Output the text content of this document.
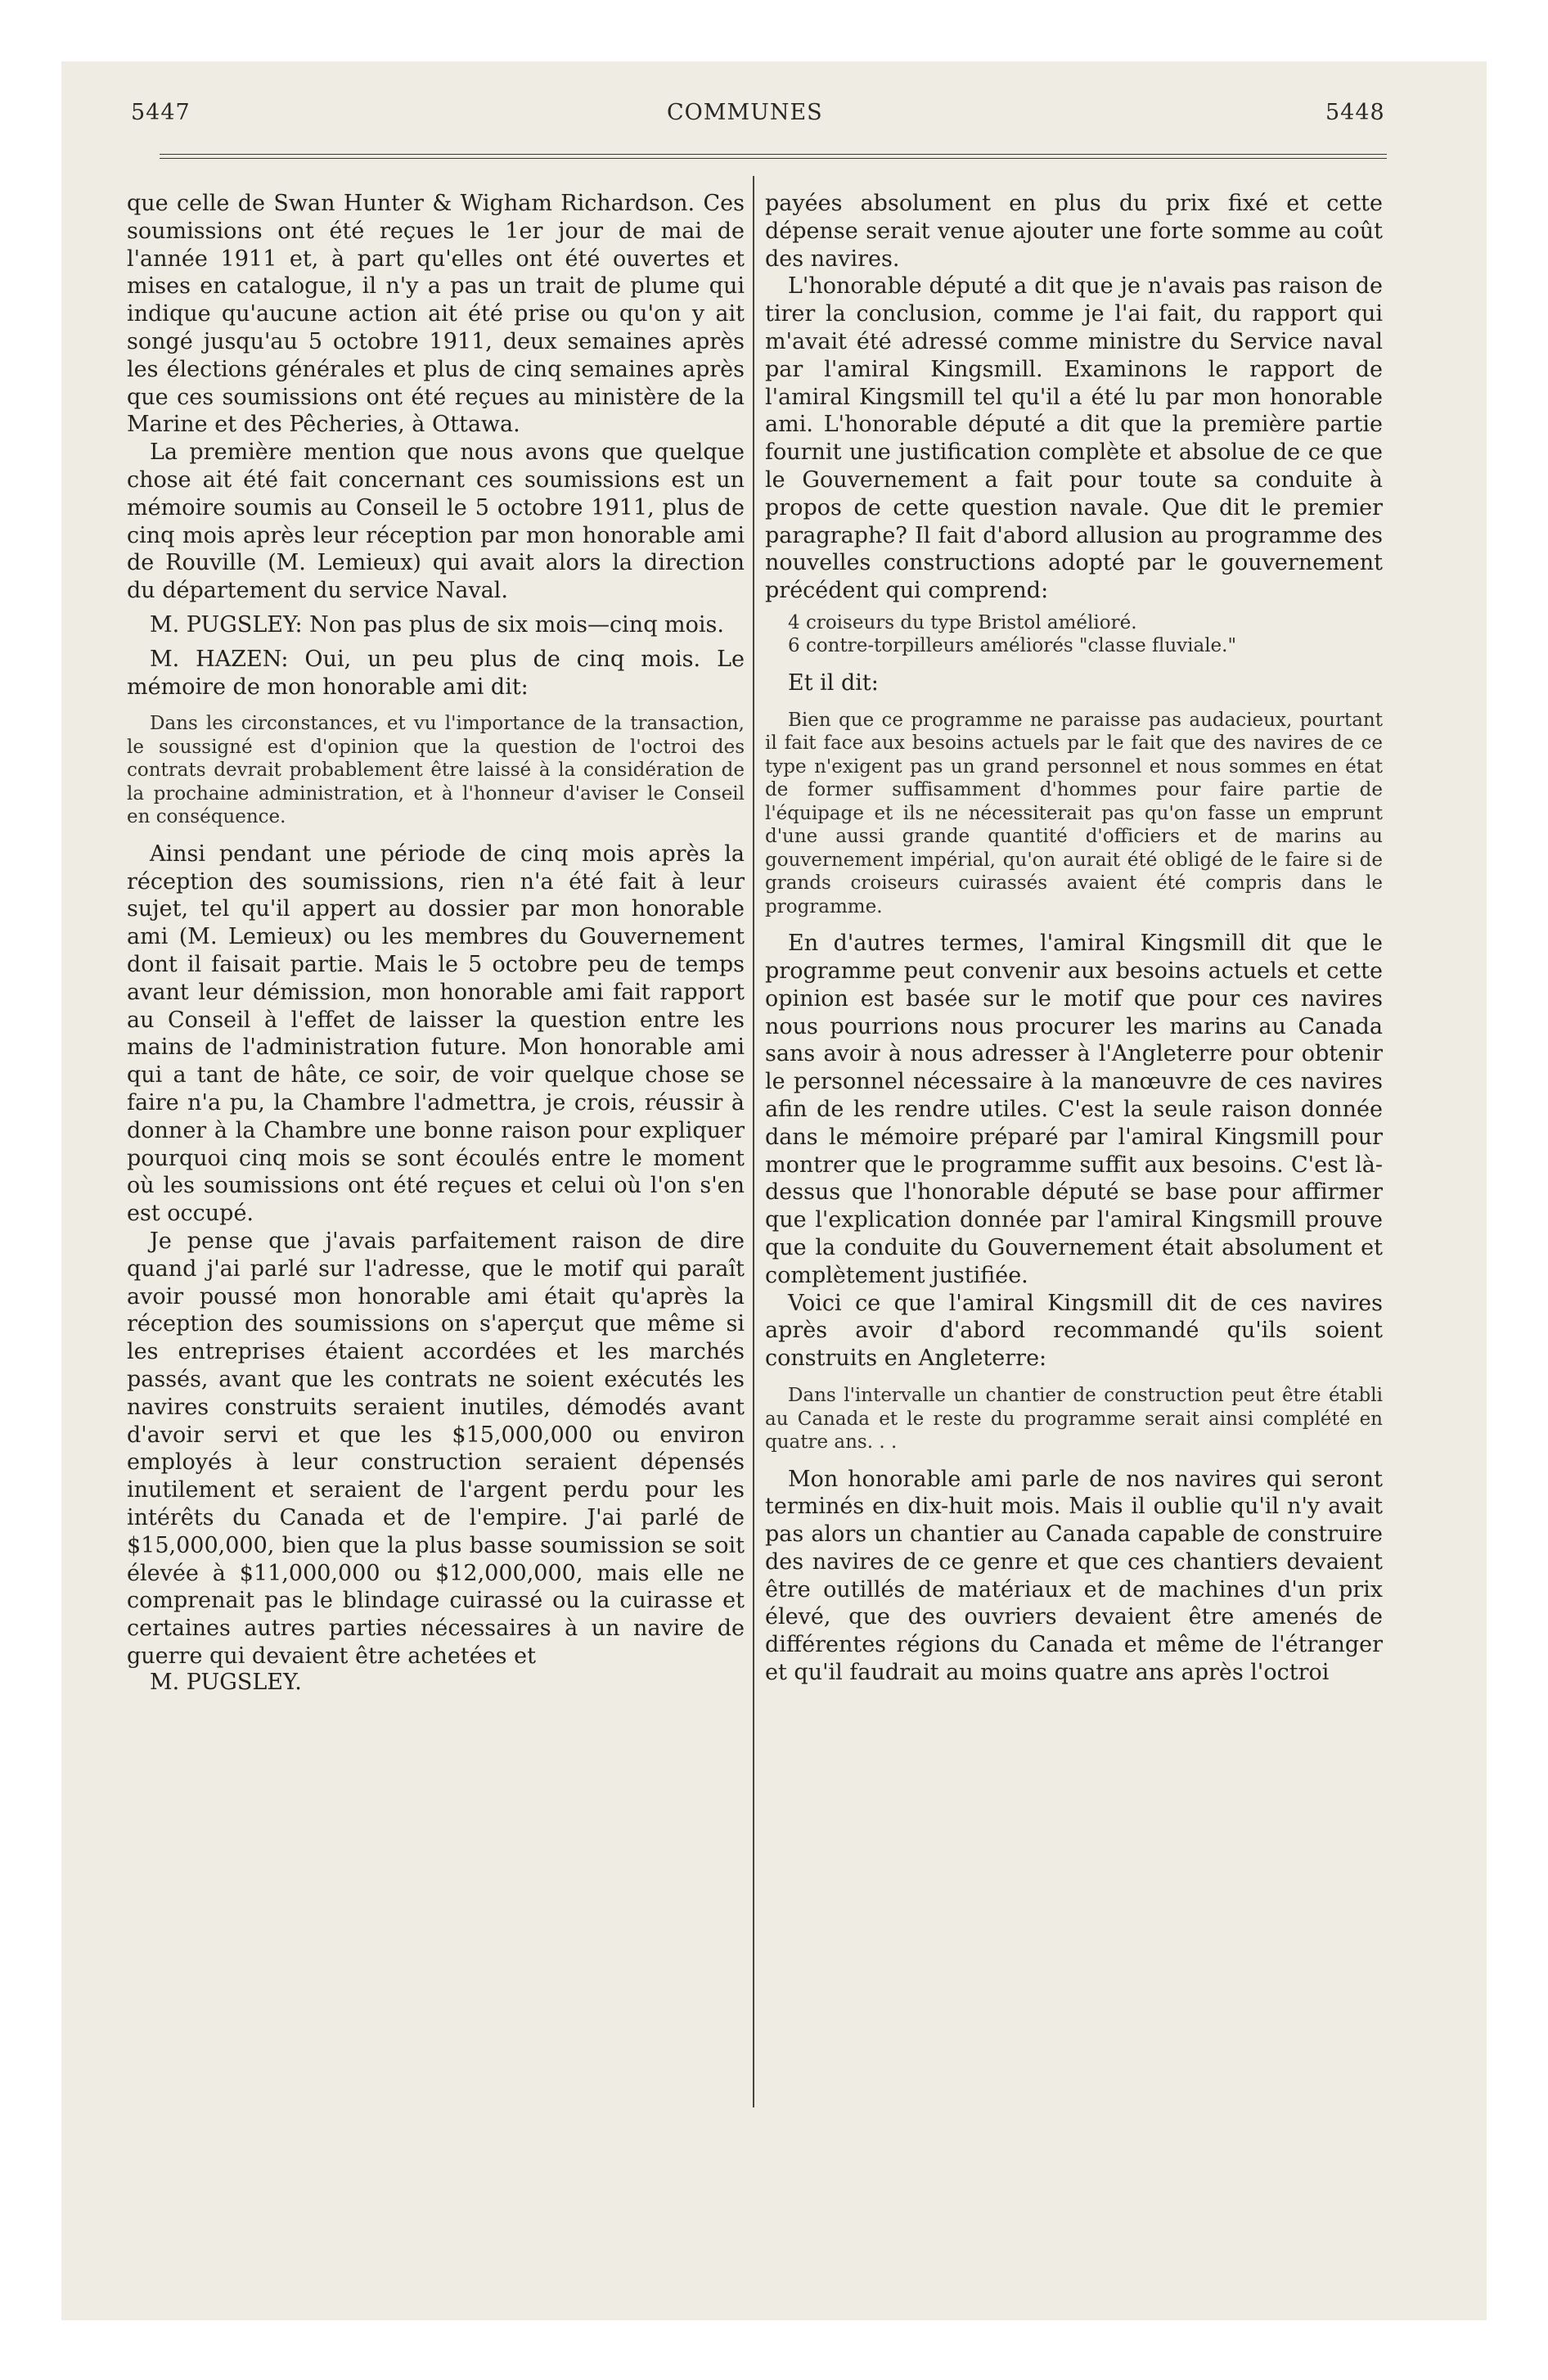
5447	COMMUNES	5448

que celle de Swan Hunter & Wigham Richardson. Ces soumissions ont été reçues le 1er jour de mai de l'année 1911 et, à part qu'elles ont été ouvertes et mises en catalogue, il n'y a pas un trait de plume qui indique qu'aucune action ait été prise ou qu'on y ait songé jusqu'au 5 octobre 1911, deux semaines après les élections générales et plus de cinq semaines après que ces soumissions ont été reçues au ministère de la Marine et des Pêcheries, à Ottawa.

La première mention que nous avons que quelque chose ait été fait concernant ces soumissions est un mémoire soumis au Conseil le 5 octobre 1911, plus de cinq mois après leur réception par mon honorable ami de Rouville (M. Lemieux) qui avait alors la direction du département du service Naval.

M. PUGSLEY: Non pas plus de six mois—cinq mois.

M. HAZEN: Oui, un peu plus de cinq mois. Le mémoire de mon honorable ami dit:

Dans les circonstances, et vu l'importance de la transaction, le soussigné est d'opinion que la question de l'octroi des contrats devrait probablement être laissé à la considération de la prochaine administration, et à l'honneur d'aviser le Conseil en conséquence.

Ainsi pendant une période de cinq mois après la réception des soumissions, rien n'a été fait à leur sujet, tel qu'il appert au dossier par mon honorable ami (M. Lemieux) ou les membres du Gouvernement dont il faisait partie. Mais le 5 octobre peu de temps avant leur démission, mon honorable ami fait rapport au Conseil à l'effet de laisser la question entre les mains de l'administration future. Mon honorable ami qui a tant de hâte, ce soir, de voir quelque chose se faire n'a pu, la Chambre l'admettra, je crois, réussir à donner à la Chambre une bonne raison pour expliquer pourquoi cinq mois se sont écoulés entre le moment où les soumissions ont été reçues et celui où l'on s'en est occupé.

Je pense que j'avais parfaitement raison de dire quand j'ai parlé sur l'adresse, que le motif qui paraît avoir poussé mon honorable ami était qu'après la réception des soumissions on s'aperçut que même si les entreprises étaient accordées et les marchés passés, avant que les contrats ne soient exécutés les navires construits seraient inutiles, démodés avant d'avoir servi et que les $15,000,000 ou environ employés à leur construction seraient dépensés inutilement et seraient de l'argent perdu pour les intérêts du Canada et de l'empire. J'ai parlé de $15,000,000, bien que la plus basse soumission se soit élevée à $11,000,000 ou $12,000,000, mais elle ne comprenait pas le blindage cuirassé ou la cuirasse et certaines autres parties nécessaires à un navire de guerre qui devaient être achetées et

M. PUGSLEY.

payées absolument en plus du prix fixé et cette dépense serait venue ajouter une forte somme au coût des navires.

L'honorable député a dit que je n'avais pas raison de tirer la conclusion, comme je l'ai fait, du rapport qui m'avait été adressé comme ministre du Service naval par l'amiral Kingsmill. Examinons le rapport de l'amiral Kingsmill tel qu'il a été lu par mon honorable ami. L'honorable député a dit que la première partie fournit une justification complète et absolue de ce que le Gouvernement a fait pour toute sa conduite à propos de cette question navale. Que dit le premier paragraphe? Il fait d'abord allusion au programme des nouvelles constructions adopté par le gouvernement précédent qui comprend:

4 croiseurs du type Bristol amélioré.

6 contre-torpilleurs améliorés "classe fluviale."

Et il dit:

Bien que ce programme ne paraisse pas audacieux, pourtant il fait face aux besoins actuels par le fait que des navires de ce type n'exigent pas un grand personnel et nous sommes en état de former suffisamment d'hommes pour faire partie de l'équipage et ils ne nécessiterait pas qu'on fasse un emprunt d'une aussi grande quantité d'officiers et de marins au gouvernement impérial, qu'on aurait été obligé de le faire si de grands croiseurs cuirassés avaient été compris dans le programme.

En d'autres termes, l'amiral Kingsmill dit que le programme peut convenir aux besoins actuels et cette opinion est basée sur le motif que pour ces navires nous pourrions nous procurer les marins au Canada sans avoir à nous adresser à l'Angleterre pour obtenir le personnel nécessaire à la manœuvre de ces navires afin de les rendre utiles. C'est la seule raison donnée dans le mémoire préparé par l'amiral Kingsmill pour montrer que le programme suffit aux besoins. C'est là-dessus que l'honorable député se base pour affirmer que l'explication donnée par l'amiral Kingsmill prouve que la conduite du Gouvernement était absolument et complètement justifiée.

Voici ce que l'amiral Kingsmill dit de ces navires après avoir d'abord recommandé qu'ils soient construits en Angleterre:

Dans l'intervalle un chantier de construction peut être établi au Canada et le reste du programme serait ainsi complété en quatre ans. . .

Mon honorable ami parle de nos navires qui seront terminés en dix-huit mois. Mais il oublie qu'il n'y avait pas alors un chantier au Canada capable de construire des navires de ce genre et que ces chantiers devaient être outillés de matériaux et de machines d'un prix élevé, que des ouvriers devaient être amenés de différentes régions du Canada et même de l'étranger et qu'il faudrait au moins quatre ans après l'octroi
